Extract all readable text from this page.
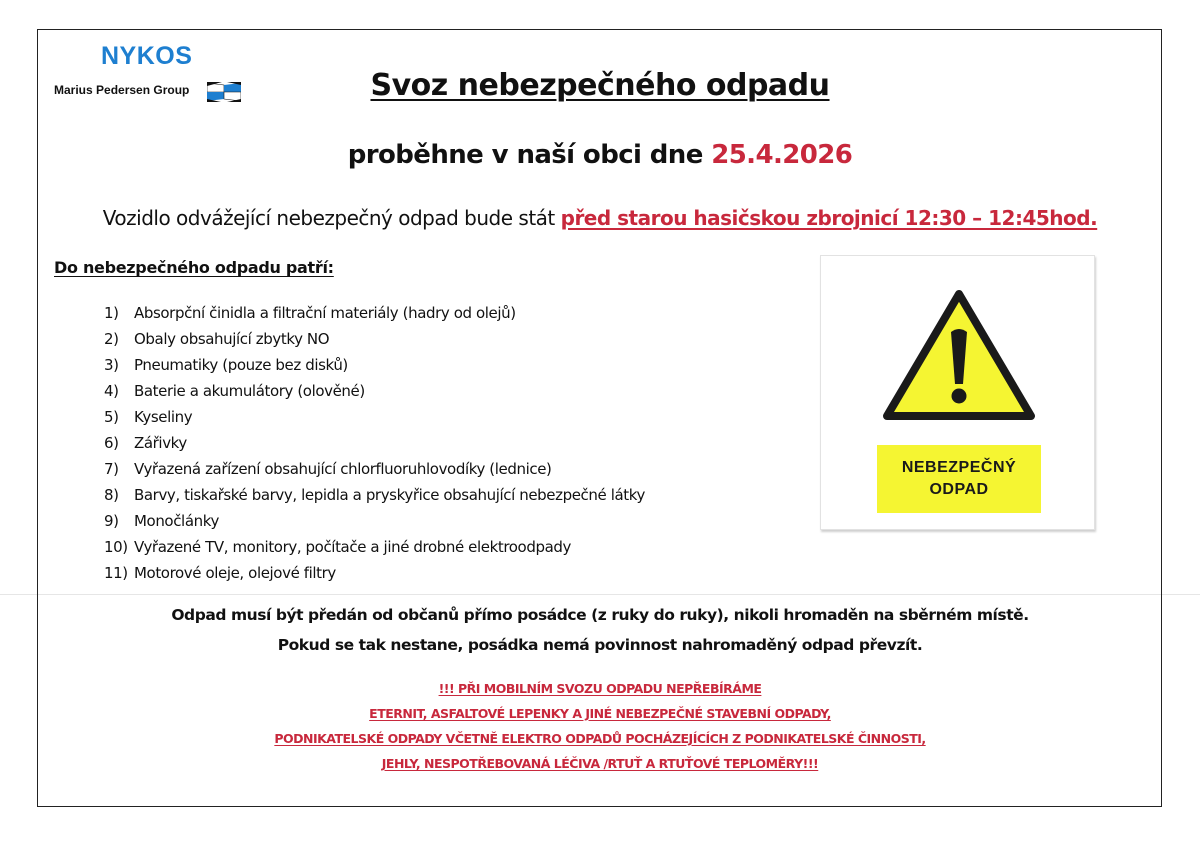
NYKOS
Marius Pedersen Group	Svoz nebezpečného odpadu
proběhne v naší obci dne 25.4.2026
Vozidlo odvážející nebezpečný odpad bude stát před starou hasičskou zbrojnicí 12:30 – 12:45hod.
Do nebezpečného odpadu patří:
1) Absorpční činidla a filtrační materiály (hadry od olejů)
2) Obaly obsahující zbytky NO
3) Pneumatiky (pouze bez disků)
4) Baterie a akumulátory (olověné)
5) Kyseliny
6) Zářivky
7) Vyřazená zařízení obsahující chlorfluoruhlovodíky (lednice)
8) Barvy, tiskařské barvy, lepidla a pryskyřice obsahující nebezpečné látky
9) Monočlánky
10) Vyřazené TV, monitory, počítače a jiné drobné elektroodpady
11) Motorové oleje, olejové filtry
NEBEZPEČNÝ
ODPAD
Odpad musí být předán od občanů přímo posádce (z ruky do ruky), nikoli hromaděn na sběrném místě.
Pokud se tak nestane, posádka nemá povinnost nahromaděný odpad převzít.
!!! PŘI MOBILNÍM SVOZU ODPADU NEPŘEBÍRÁME
ETERNIT, ASFALTOVÉ LEPENKY A JINÉ NEBEZPEČNÉ STAVEBNÍ ODPADY,
PODNIKATELSKÉ ODPADY VČETNĚ ELEKTRO ODPADŮ POCHÁZEJÍCÍCH Z PODNIKATELSKÉ ČINNOSTI,
JEHLY, NESPOTŘEBOVANÁ LÉČIVA /RTUŤ A RTUŤOVÉ TEPLOMĚRY!!!
